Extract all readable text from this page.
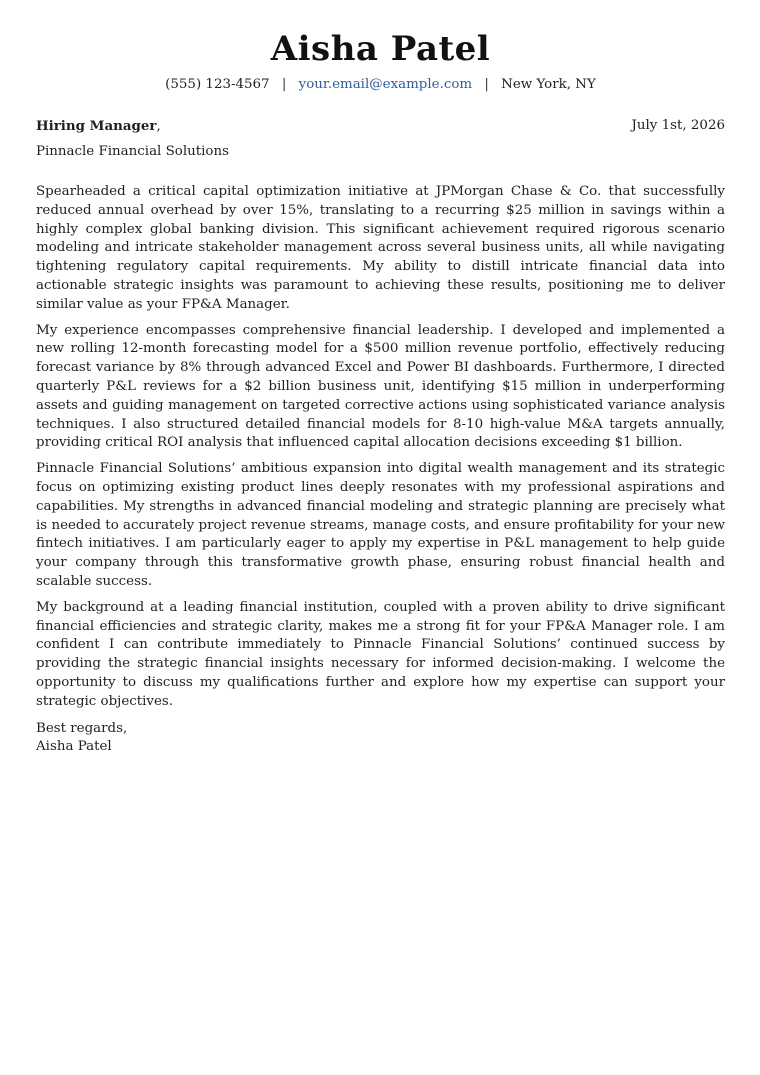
Aisha Patel
(555) 123-4567 | your.email@example.com | New York, NY
Hiring Manager,	July 1st, 2026
Pinnacle Financial Solutions

Spearheaded a critical capital optimization initiative at JPMorgan Chase & Co. that successfully reduced annual overhead by over 15%, translating to a recurring $25 million in savings within a highly complex global banking division. This significant achievement required rigorous scenario modeling and intricate stakeholder management across several business units, all while navigating tightening regulatory capital requirements. My ability to distill intricate financial data into actionable strategic insights was paramount to achieving these results, positioning me to deliver similar value as your FP&A Manager.

My experience encompasses comprehensive financial leadership. I developed and implemented a new rolling 12-month forecasting model for a $500 million revenue portfolio, effectively reducing forecast variance by 8% through advanced Excel and Power BI dashboards. Furthermore, I directed quarterly P&L reviews for a $2 billion business unit, identifying $15 million in underperforming assets and guiding management on targeted corrective actions using sophisticated variance analysis techniques. I also structured detailed financial models for 8-10 high-value M&A targets annually, providing critical ROI analysis that influenced capital allocation decisions exceeding $1 billion.

Pinnacle Financial Solutions’ ambitious expansion into digital wealth management and its strategic focus on optimizing existing product lines deeply resonates with my professional aspirations and capabilities. My strengths in advanced financial modeling and strategic planning are precisely what is needed to accurately project revenue streams, manage costs, and ensure profitability for your new fintech initiatives. I am particularly eager to apply my expertise in P&L management to help guide your company through this transformative growth phase, ensuring robust financial health and scalable success.

My background at a leading financial institution, coupled with a proven ability to drive significant financial efficiencies and strategic clarity, makes me a strong fit for your FP&A Manager role. I am confident I can contribute immediately to Pinnacle Financial Solutions’ continued success by providing the strategic financial insights necessary for informed decision-making. I welcome the opportunity to discuss my qualifications further and explore how my expertise can support your strategic objectives.

Best regards,
Aisha Patel
